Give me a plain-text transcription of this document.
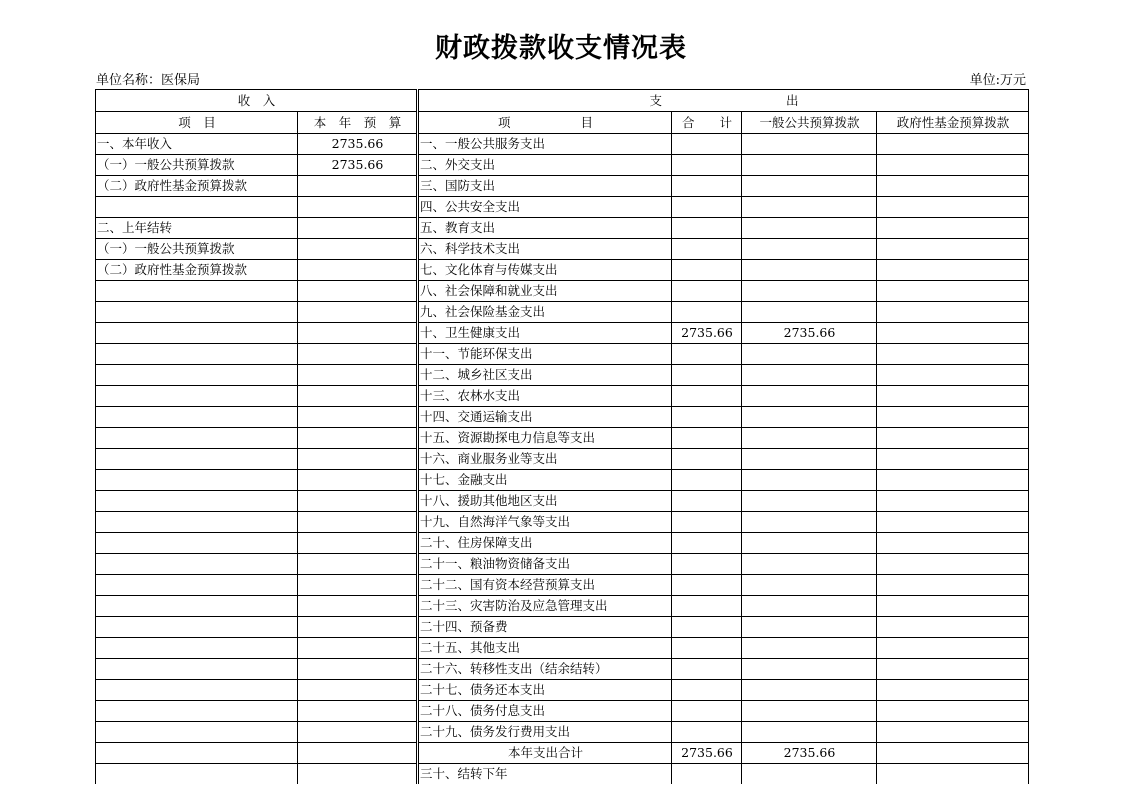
财政拨款收支情况表
单位名称：医保局	单位:万元
收　入			支 出			
项　目	本　年　预　算		项 目	合　　计	一般公共预算拨款	政府性基金预算拨款
一、本年收入	2735.66		一、一般公共服务支出			
（一）一般公共预算拨款	2735.66		二、外交支出			
（二）政府性基金预算拨款			三、国防支出			
			四、公共安全支出			
二、上年结转			五、教育支出			
（一）一般公共预算拨款			六、科学技术支出			
（二）政府性基金预算拨款			七、文化体育与传媒支出			
			八、社会保障和就业支出			
			九、社会保险基金支出			
			十、卫生健康支出	2735.66	2735.66	
			十一、节能环保支出			
			十二、城乡社区支出			
			十三、农林水支出			
			十四、交通运输支出			
			十五、资源勘探电力信息等支出			
			十六、商业服务业等支出			
			十七、金融支出			
			十八、援助其他地区支出			
			十九、自然海洋气象等支出			
			二十、住房保障支出			
			二十一、粮油物资储备支出			
			二十二、国有资本经营预算支出			
			二十三、灾害防治及应急管理支出			
			二十四、预备费			
			二十五、其他支出			
			二十六、转移性支出（结余结转）			
			二十七、债务还本支出			
			二十八、债务付息支出			
			二十九、债务发行费用支出			
			本年支出合计	2735.66	2735.66	
			三十、结转下年			
